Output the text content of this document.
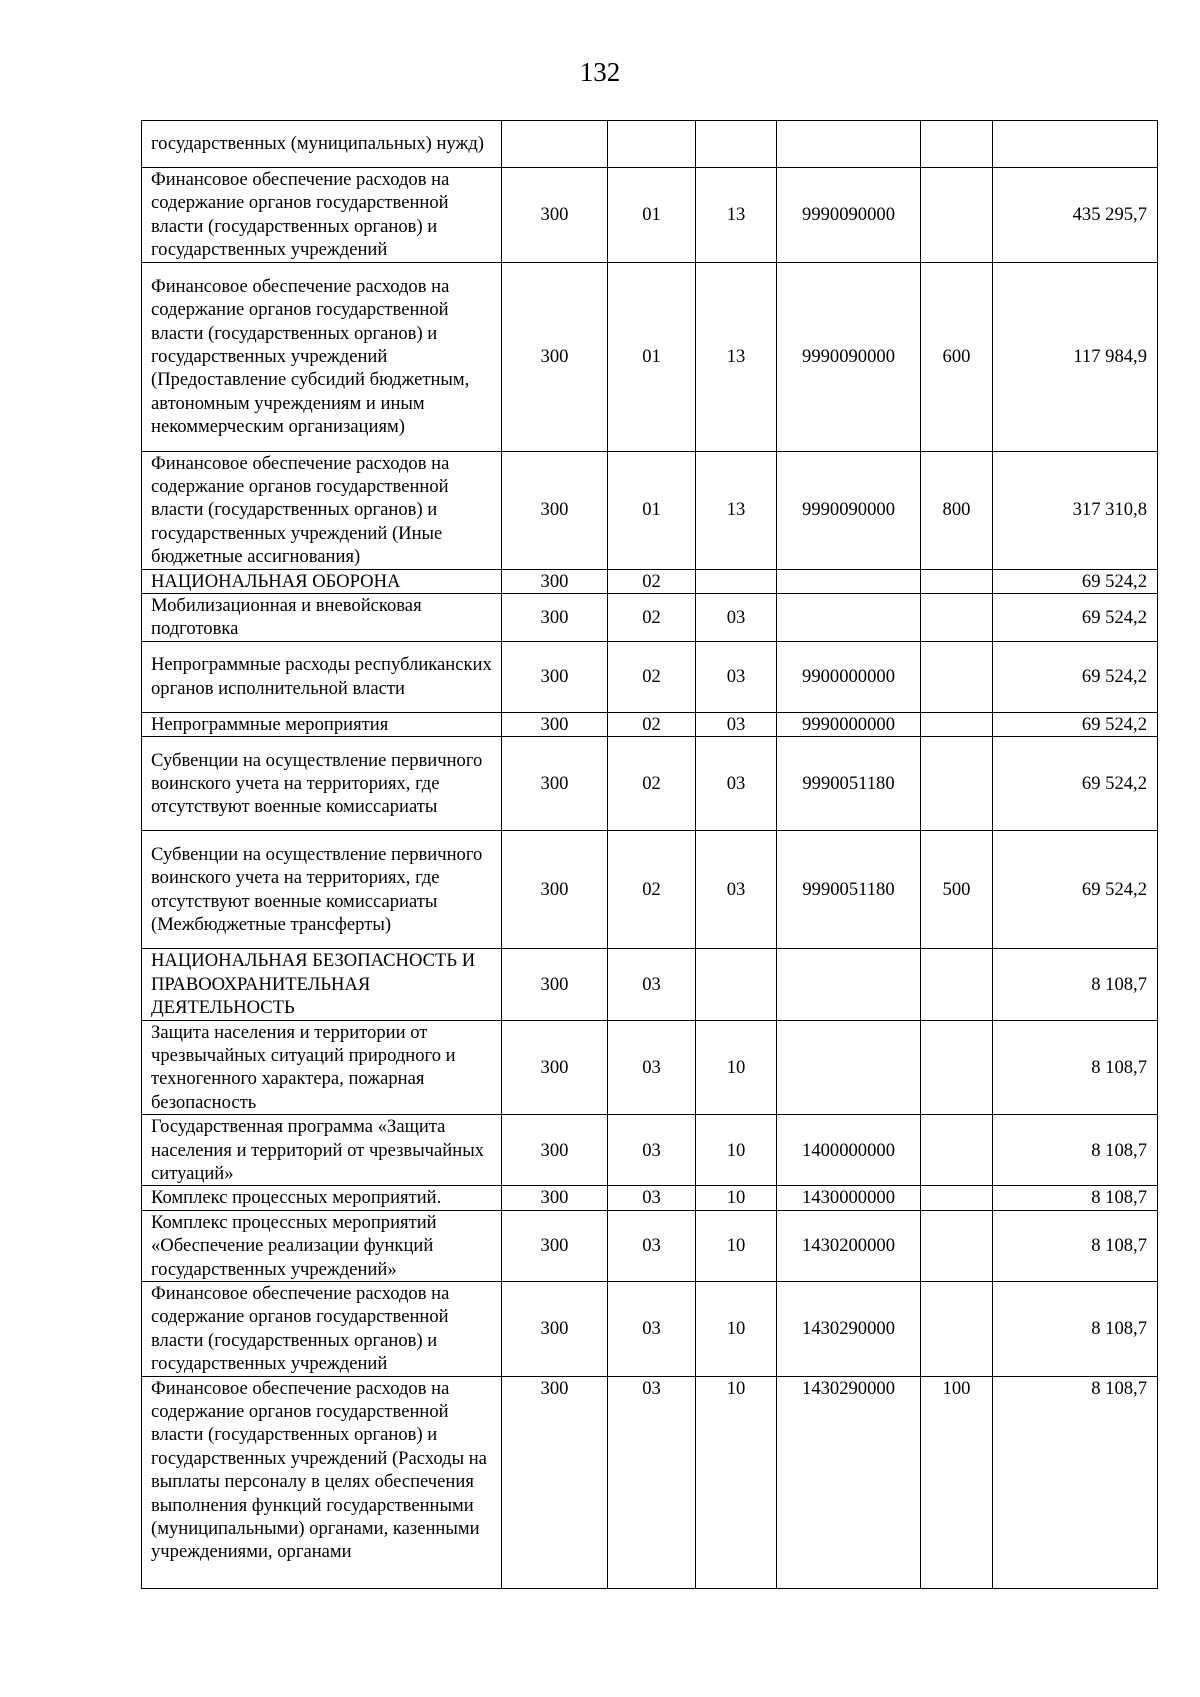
132
государственных (муниципальных) нужд)						
Финансовое обеспечение расходов на содержание органов государственной власти (государственных органов) и государственных учреждений	300	01	13	9990090000		435 295,7
Финансовое обеспечение расходов на содержание органов государственной власти (государственных органов) и государственных учреждений (Предоставление субсидий бюджетным, автономным учреждениям и иным некоммерческим организациям)	300	01	13	9990090000	600	117 984,9
Финансовое обеспечение расходов на содержание органов государственной власти (государственных органов) и государственных учреждений (Иные бюджетные ассигнования)	300	01	13	9990090000	800	317 310,8
НАЦИОНАЛЬНАЯ ОБОРОНА	300	02				69 524,2
Мобилизационная и вневойсковая подготовка	300	02	03			69 524,2
Непрограммные расходы республиканских органов исполнительной власти	300	02	03	9900000000		69 524,2
Непрограммные мероприятия	300	02	03	9990000000		69 524,2
Субвенции на осуществление первичного воинского учета на территориях, где отсутствуют военные комиссариаты	300	02	03	9990051180		69 524,2
Субвенции на осуществление первичного воинского учета на территориях, где отсутствуют военные комиссариаты (Межбюджетные трансферты)	300	02	03	9990051180	500	69 524,2
НАЦИОНАЛЬНАЯ БЕЗОПАСНОСТЬ И ПРАВООХРАНИТЕЛЬНАЯ ДЕЯТЕЛЬНОСТЬ	300	03				8 108,7
Защита населения и территории от чрезвычайных ситуаций природного и техногенного характера, пожарная безопасность	300	03	10			8 108,7
Государственная программа «Защита населения и территорий от чрезвычайных ситуаций»	300	03	10	1400000000		8 108,7
Комплекс процессных мероприятий.	300	03	10	1430000000		8 108,7
Комплекс процессных мероприятий «Обеспечение реализации функций государственных учреждений»	300	03	10	1430200000		8 108,7
Финансовое обеспечение расходов на содержание органов государственной власти (государственных органов) и государственных учреждений	300	03	10	1430290000		8 108,7
Финансовое обеспечение расходов на содержание органов государственной власти (государственных органов) и государственных учреждений (Расходы на выплаты персоналу в целях обеспечения выполнения функций государственными (муниципальными) органами, казенными учреждениями, органами	300	03	10	1430290000	100	8 108,7
